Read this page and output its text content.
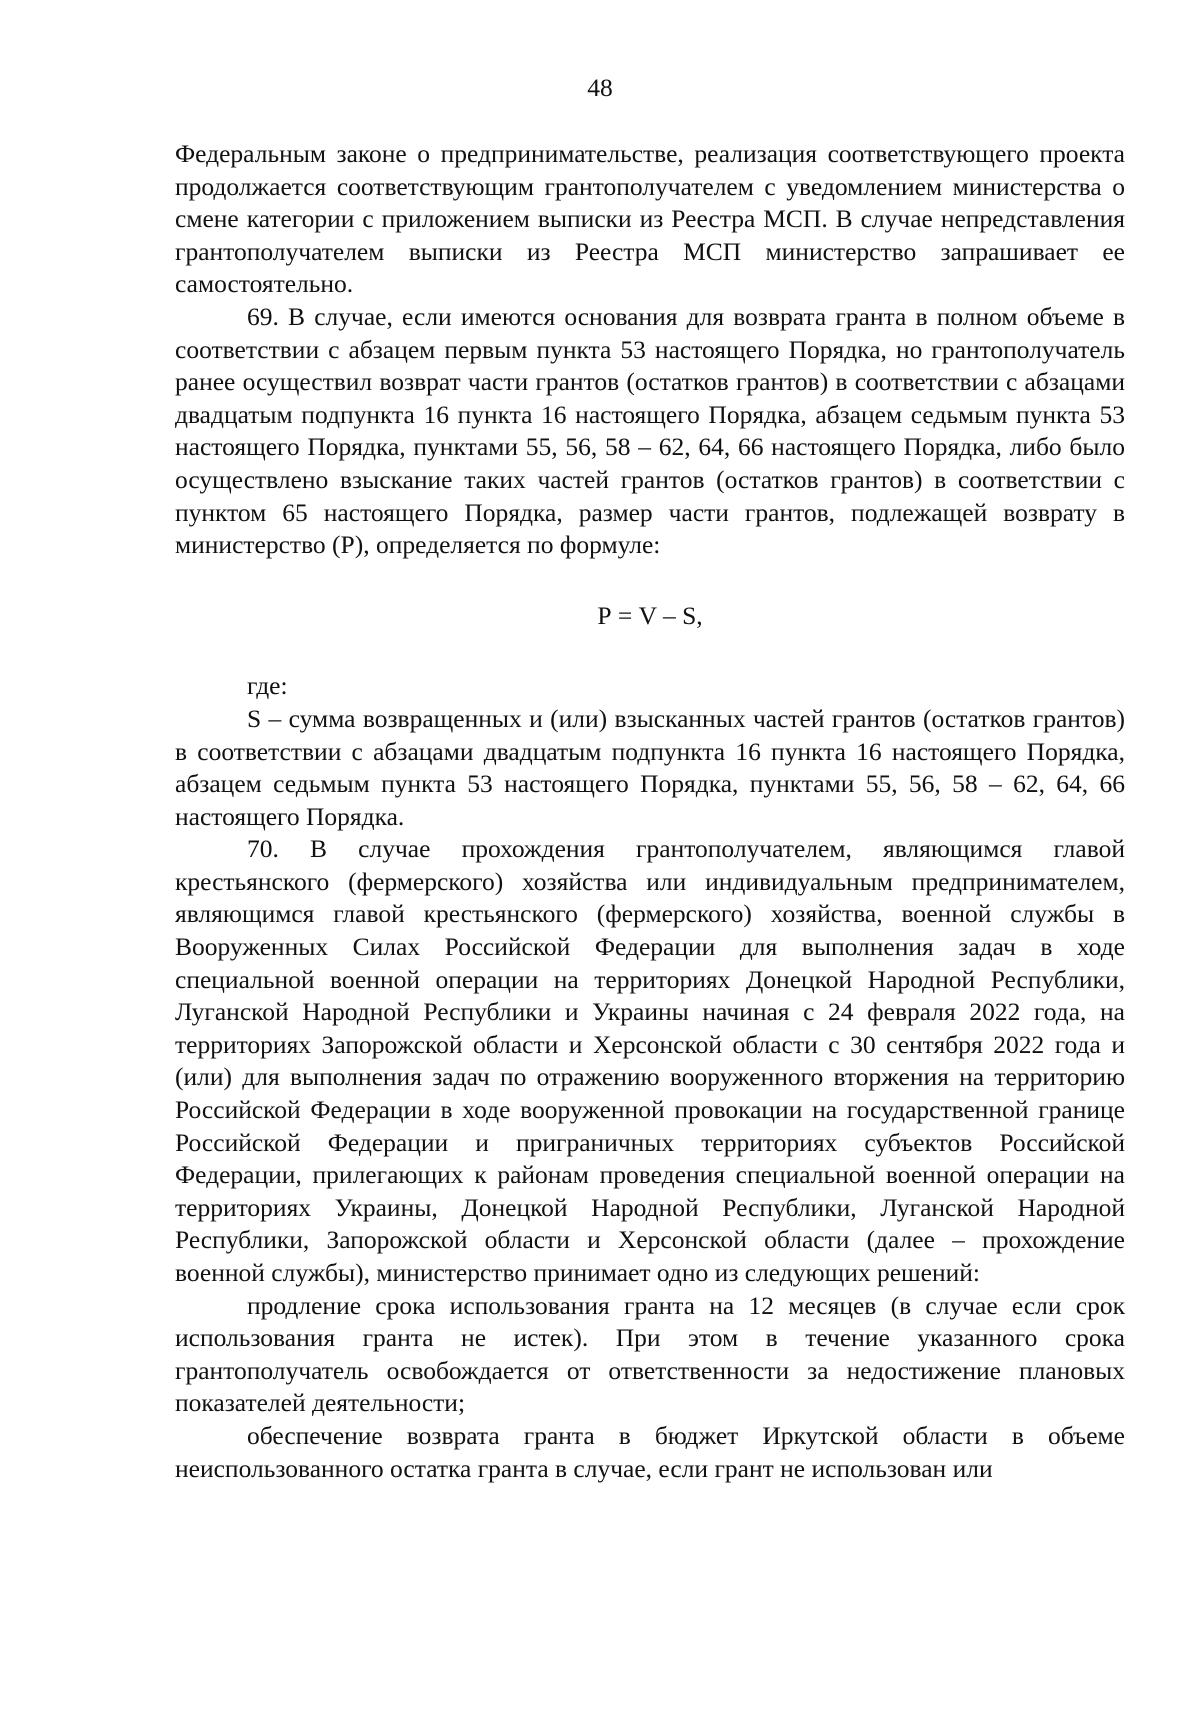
48

Федеральным законе о предпринимательстве, реализация соответствующего проекта продолжается соответствующим грантополучателем с уведомлением министерства о смене категории с приложением выписки из Реестра МСП. В случае непредставления грантополучателем выписки из Реестра МСП министерство запрашивает ее самостоятельно.

69. В случае, если имеются основания для возврата гранта в полном объеме в соответствии с абзацем первым пункта 53 настоящего Порядка, но грантополучатель ранее осуществил возврат части грантов (остатков грантов) в соответствии с абзацами двадцатым подпункта 16 пункта 16 настоящего Порядка, абзацем седьмым пункта 53 настоящего Порядка, пунктами 55, 56, 58 – 62, 64, 66 настоящего Порядка, либо было осуществлено взыскание таких частей грантов (остатков грантов) в соответствии с пунктом 65 настоящего Порядка, размер части грантов, подлежащей возврату в министерство (Р), определяется по формуле:

Р = V – S,

где:

S – сумма возвращенных и (или) взысканных частей грантов (остатков грантов) в соответствии с абзацами двадцатым подпункта 16 пункта 16 настоящего Порядка, абзацем седьмым пункта 53 настоящего Порядка, пунктами 55, 56, 58 – 62, 64, 66 настоящего Порядка.

70. В случае прохождения грантополучателем, являющимся главой крестьянского (фермерского) хозяйства или индивидуальным предпринимателем, являющимся главой крестьянского (фермерского) хозяйства, военной службы в Вооруженных Силах Российской Федерации для выполнения задач в ходе специальной военной операции на территориях Донецкой Народной Республики, Луганской Народной Республики и Украины начиная с 24 февраля 2022 года, на территориях Запорожской области и Херсонской области с 30 сентября 2022 года и (или) для выполнения задач по отражению вооруженного вторжения на территорию Российской Федерации в ходе вооруженной провокации на государственной границе Российской Федерации и приграничных территориях субъектов Российской Федерации, прилегающих к районам проведения специальной военной операции на территориях Украины, Донецкой Народной Республики, Луганской Народной Республики, Запорожской области и Херсонской области (далее – прохождение военной службы), министерство принимает одно из следующих решений:

продление срока использования гранта на 12 месяцев (в случае если срок использования гранта не истек). При этом в течение указанного срока грантополучатель освобождается от ответственности за недостижение плановых показателей деятельности;

обеспечение возврата гранта в бюджет Иркутской области в объеме неиспользованного остатка гранта в случае, если грант не использован или
